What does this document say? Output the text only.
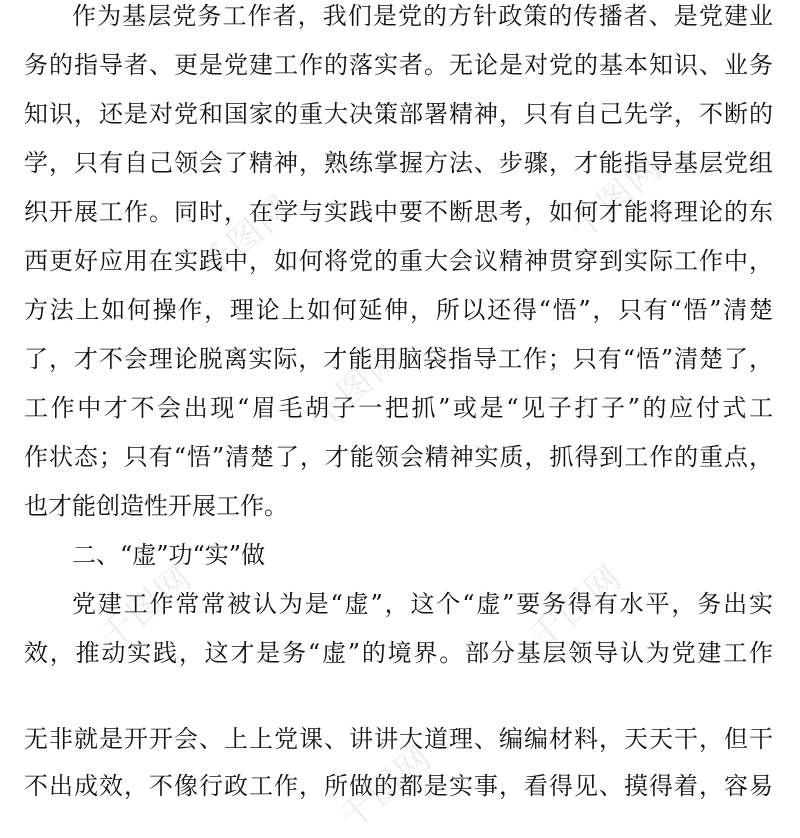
千图网	千图网
千图网
千图网	千图网
千图网
作为基层党务工作者，我们是党的方针政策的传播者、是党建业
务的指导者、更是党建工作的落实者。无论是对党的基本知识、业务
知识，还是对党和国家的重大决策部署精神，只有自己先学，不断的
学，只有自己领会了精神，熟练掌握方法、步骤，才能指导基层党组
织开展工作。同时，在学与实践中要不断思考，如何才能将理论的东
西更好应用在实践中，如何将党的重大会议精神贯穿到实际工作中，
方法上如何操作，理论上如何延伸，所以还得“悟”，只有“悟”清楚
了，才不会理论脱离实际，才能用脑袋指导工作；只有“悟”清楚了，
工作中才不会出现“眉毛胡子一把抓”或是“见子打子”的应付式工
作状态；只有“悟”清楚了，才能领会精神实质，抓得到工作的重点，
也才能创造性开展工作。
二、“虚”功“实”做
党建工作常常被认为是“虚”，这个“虚”要务得有水平，务出实
效，推动实践，这才是务“虚”的境界。部分基层领导认为党建工作
无非就是开开会、上上党课、讲讲大道理、编编材料，天天干，但干
不出成效，不像行政工作，所做的都是实事，看得见、摸得着，容易
